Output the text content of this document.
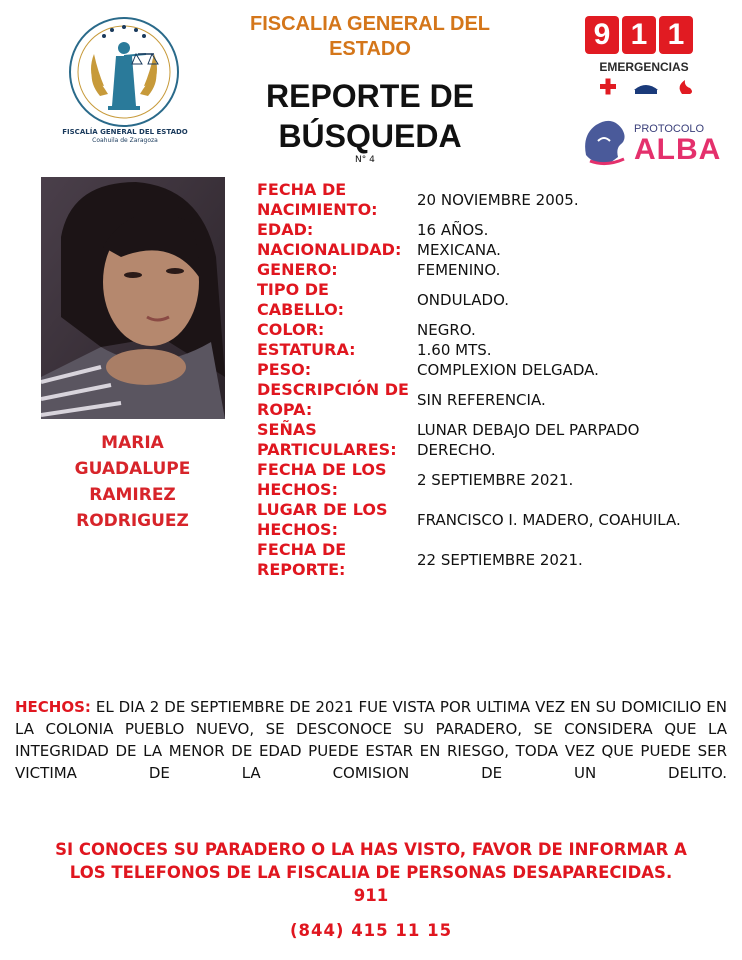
FISCALÍA GENERAL DEL ESTADO
Coahuila de Zaragoza
FISCALIA GENERAL DEL
ESTADO
REPORTE DE
BÚSQUEDA
N° 4
9 1 1
EMERGENCIAS
PROTOCOLO
ALBA
MARIA
GUADALUPE
RAMIREZ
RODRIGUEZ
FECHA DE
NACIMIENTO:	20 NOVIEMBRE 2005.
EDAD:	16 AÑOS.
NACIONALIDAD:	MEXICANA.
GENERO:	FEMENINO.
TIPO DE
CABELLO:	ONDULADO.
COLOR:	NEGRO.
ESTATURA:	1.60 MTS.
PESO:	COMPLEXION DELGADA.
DESCRIPCIÓN DE
ROPA:	SIN REFERENCIA.
SEÑAS
PARTICULARES:
LUNAR DEBAJO DEL PARPADO
DERECHO.
FECHA DE LOS
HECHOS:	2 SEPTIEMBRE 2021.
LUGAR DE LOS
HECHOS:	FRANCISCO I. MADERO, COAHUILA.
FECHA DE
REPORTE:	22 SEPTIEMBRE 2021.
HECHOS: EL DIA 2 DE SEPTIEMBRE DE 2021 FUE VISTA POR ULTIMA VEZ EN SU DOMICILIO EN LA COLONIA PUEBLO NUEVO, SE DESCONOCE SU PARADERO, SE CONSIDERA QUE LA INTEGRIDAD DE LA MENOR DE EDAD PUEDE ESTAR EN RIESGO, TODA VEZ QUE PUEDE SER VICTIMA DE LA COMISION DE UN DELITO.
SI CONOCES SU PARADERO O LA HAS VISTO, FAVOR DE INFORMAR A
LOS TELEFONOS DE LA FISCALIA DE PERSONAS DESAPARECIDAS.
911
(844) 415 11 15
